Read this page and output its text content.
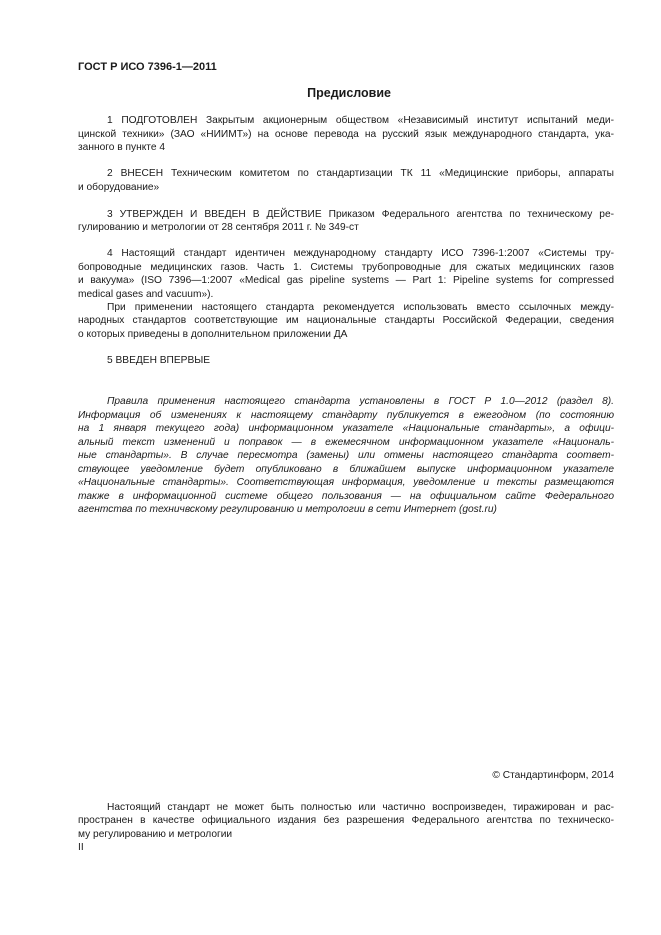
ГОСТ Р ИСО 7396-1—2011
Предисловие
1 ПОДГОТОВЛЕН Закрытым акционерным обществом «Независимый институт испытаний меди-
цинской техники» (ЗАО «НИИМТ») на основе перевода на русский язык международного стандарта, ука-
занного в пункте 4
2 ВНЕСЕН Техническим комитетом по стандартизации ТК 11 «Медицинские приборы, аппараты
и оборудование»
3 УТВЕРЖДЕН И ВВЕДЕН В ДЕЙСТВИЕ Приказом Федерального агентства по техническому ре-
гулированию и метрологии от 28 сентября 2011 г. № 349-ст
4 Настоящий стандарт идентичен международному стандарту ИСО 7396-1:2007 «Системы тру-
бопроводные медицинских газов. Часть 1. Системы трубопроводные для сжатых медицинских газов
и вакуума» (ISO 7396—1:2007 «Medical gas pipeline systems — Part 1: Pipeline systems for compressed
medical gases and vacuum»).
При применении настоящего стандарта рекомендуется использовать вместо ссылочных между-
народных стандартов соответствующие им национальные стандарты Российской Федерации, сведения
о которых приведены в дополнительном приложении ДА
5 ВВЕДЕН ВПЕРВЫЕ
Правила применения настоящего стандарта установлены в ГОСТ Р 1.0—2012 (раздел 8).
Информация об изменениях к настоящему стандарту публикуется в ежегодном (по состоянию
на 1 января текущего года) информационном указателе «Национальные стандарты», а офици-
альный текст изменений и поправок — в ежемесячном информационном указателе «Националь-
ные стандарты». В случае пересмотра (замены) или отмены настоящего стандарта соответ-
ствующее уведомление будет опубликовано в ближайшем выпуске информационном указателе
«Национальные стандарты». Соответствующая информация, уведомление и тексты размещаются
также в информационной системе общего пользования — на официальном сайте Федерального
агентства по техничвскому регулированию и метрологии в сети Интернет (gost.ru)
© Стандартинформ, 2014
Настоящий стандарт не может быть полностью или частично воспроизведен, тиражирован и рас-
пространен в качестве официального издания без разрешения Федерального агентства по техническо-
му регулированию и метрологии
II
